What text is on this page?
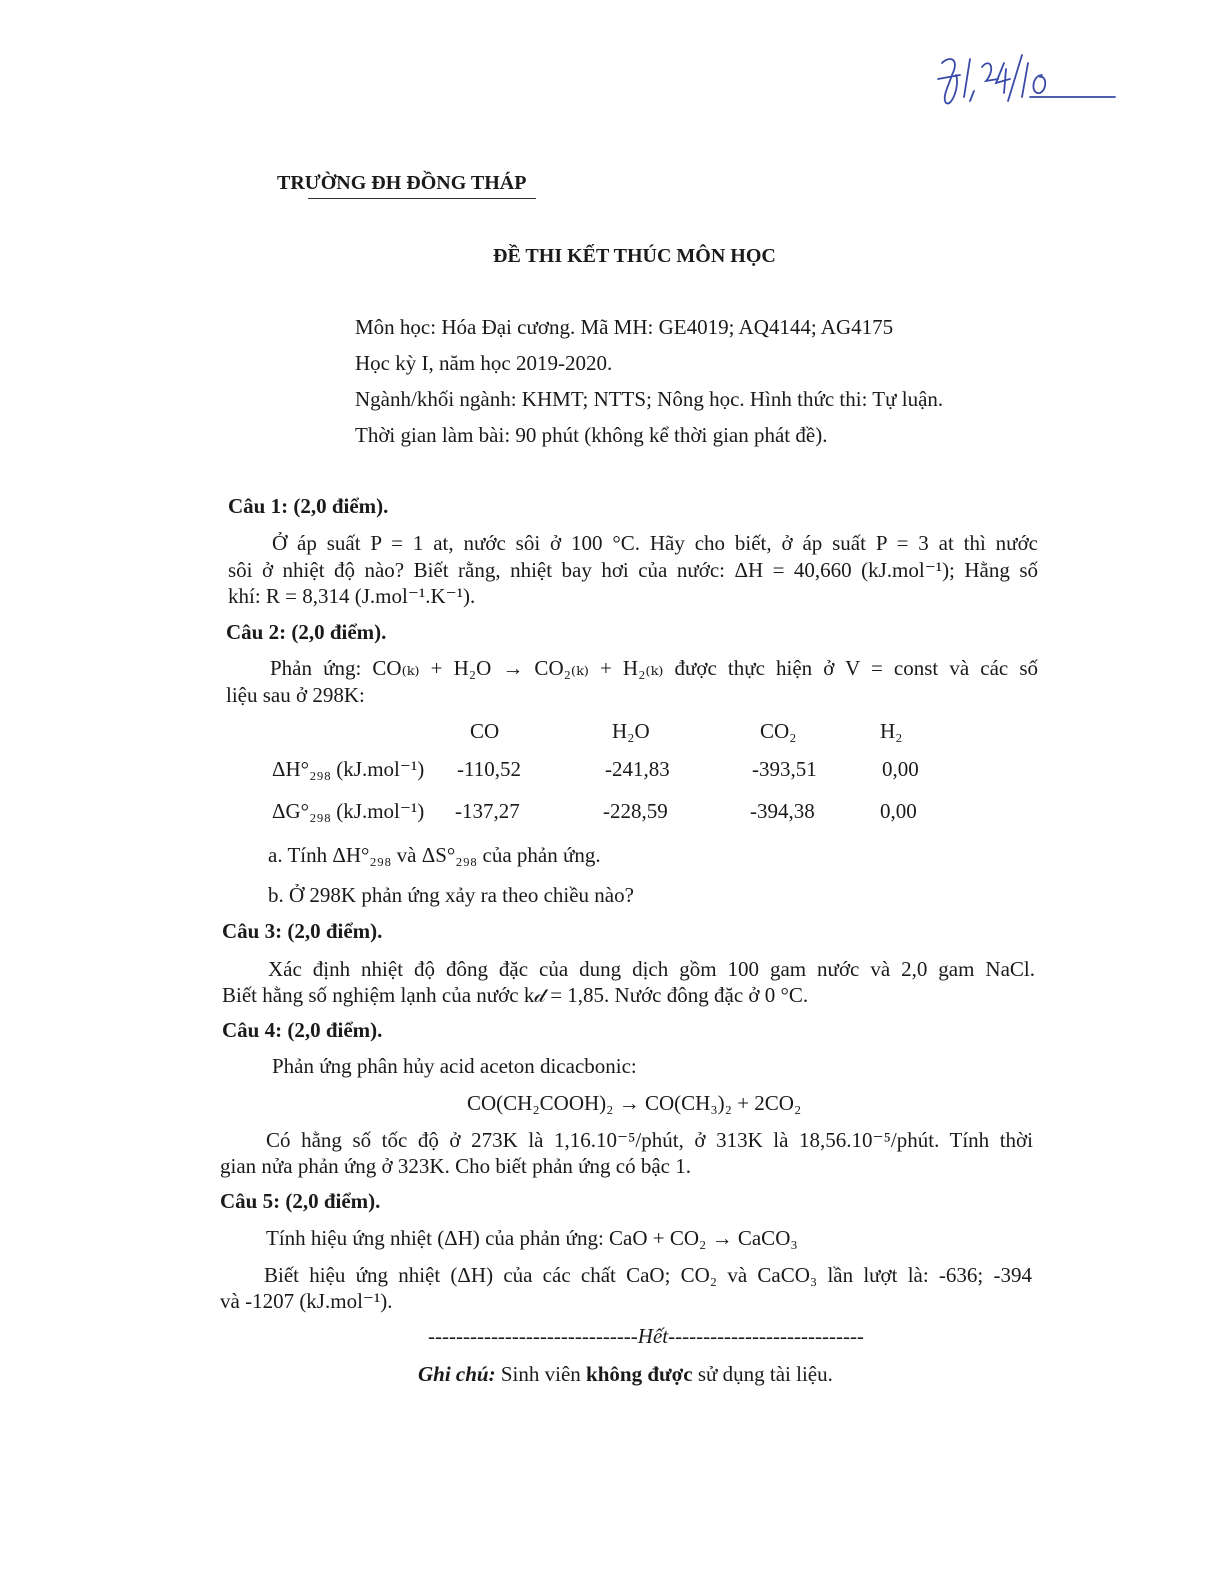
TRƯỜNG ĐH ĐỒNG THÁP
ĐỀ THI KẾT THÚC MÔN HỌC
Môn học: Hóa Đại cương. Mã MH: GE4019; AQ4144; AG4175
Học kỳ I, năm học 2019-2020.
Ngành/khối ngành: KHMT; NTTS; Nông học. Hình thức thi: Tự luận.
Thời gian làm bài: 90 phút (không kể thời gian phát đề).
Câu 1: (2,0 điểm).
Ở áp suất P = 1 at, nước sôi ở 100 °C. Hãy cho biết, ở áp suất P = 3 at thì nước
sôi ở nhiệt độ nào? Biết rằng, nhiệt bay hơi của nước: ΔH = 40,660 (kJ.mol⁻¹); Hằng số
khí: R = 8,314 (J.mol⁻¹.K⁻¹).
Câu 2: (2,0 điểm).
Phản ứng: CO₍ₖ₎ + H₂O → CO₂₍ₖ₎ + H₂₍ₖ₎ được thực hiện ở V = const và các số
liệu sau ở 298K:
CO	H₂O	CO₂	H₂
ΔH°₂₉₈ (kJ.mol⁻¹) -110,52	-241,83	-393,51	0,00
ΔG°₂₉₈ (kJ.mol⁻¹) -137,27	-228,59	-394,38	0,00
a. Tính ΔH°₂₉₈ và ΔS°₂₉₈ của phản ứng.
b. Ở 298K phản ứng xảy ra theo chiều nào?
Câu 3: (2,0 điểm).
Xác định nhiệt độ đông đặc của dung dịch gồm 100 gam nước và 2,0 gam NaCl.
Biết hằng số nghiệm lạnh của nước k𝒹 = 1,85. Nước đông đặc ở 0 °C.
Câu 4: (2,0 điểm).
Phản ứng phân hủy acid aceton dicacbonic:
CO(CH₂COOH)₂ → CO(CH₃)₂ + 2CO₂
Có hằng số tốc độ ở 273K là 1,16.10⁻⁵/phút, ở 313K là 18,56.10⁻⁵/phút. Tính thời
gian nửa phản ứng ở 323K. Cho biết phản ứng có bậc 1.
Câu 5: (2,0 điểm).
Tính hiệu ứng nhiệt (ΔH) của phản ứng: CaO + CO₂ → CaCO₃
Biết hiệu ứng nhiệt (ΔH) của các chất CaO; CO₂ và CaCO₃ lần lượt là: -636; -394
và -1207 (kJ.mol⁻¹).
------------------------------Hết----------------------------
Ghi chú: Sinh viên không được sử dụng tài liệu.
